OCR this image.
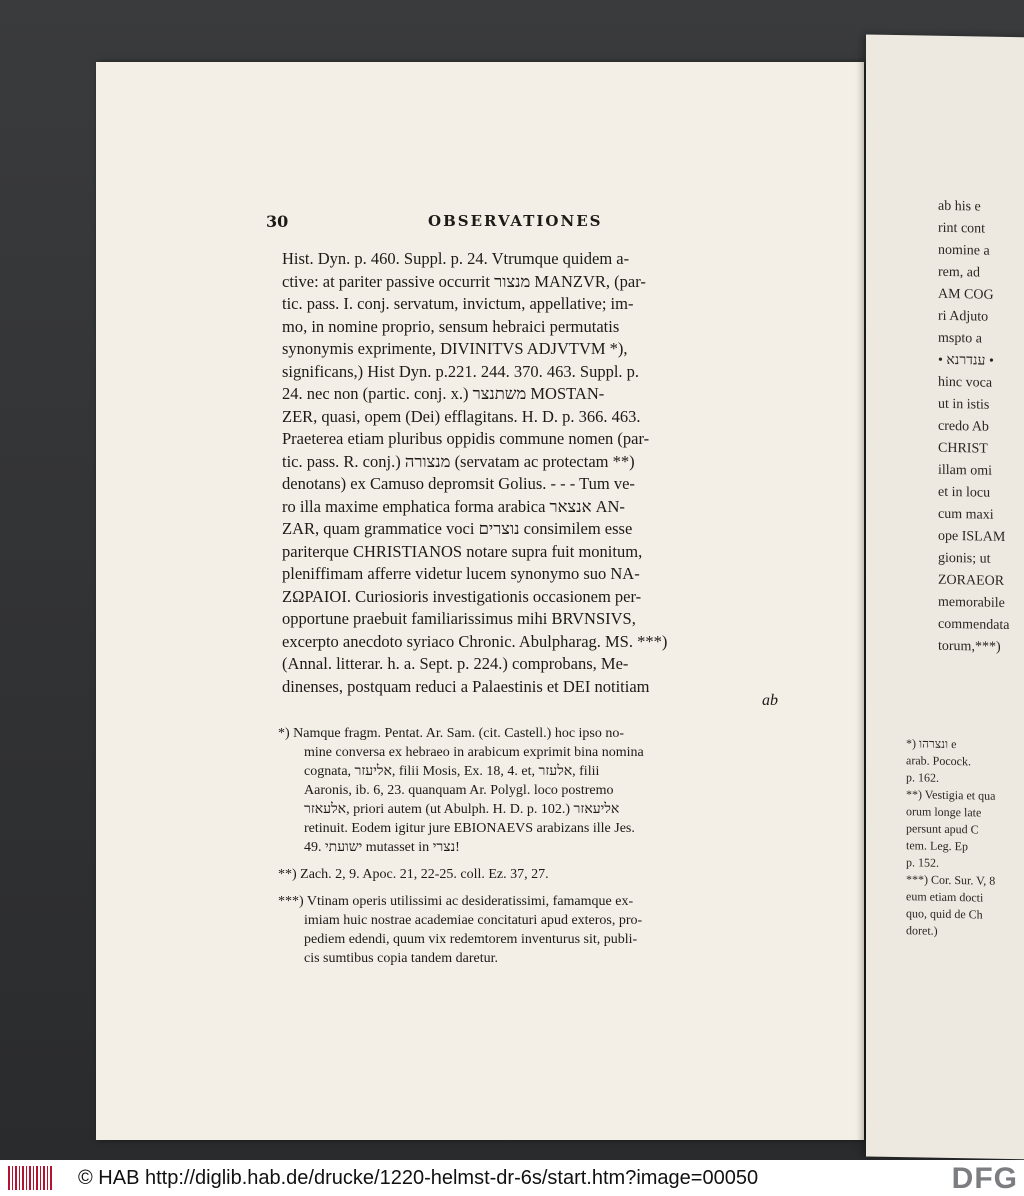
30	OBSERVATIONES
Hist. Dyn. p. 460. Suppl. p. 24. Vtrumque quidem a-
ctive: at pariter passive occurrit מנצור MANZVR, (par-
tic. pass. I. conj. servatum, invictum, appellative; im-
mo, in nomine proprio, sensum hebraici permutatis
synonymis exprimente, DIVINITVS ADJVTVM *),
significans,) Hist Dyn. p.221. 244. 370. 463. Suppl. p.
24. nec non (partic. conj. x.) משתנצר MOSTAN-
ZER, quasi, opem (Dei) efflagitans. H. D. p. 366. 463.
Praeterea etiam pluribus oppidis commune nomen (par-
tic. pass. R. conj.) מנצורה (servatam ac protectam **)
denotans) ex Camuso depromsit Golius. - - - Tum ve-
ro illa maxime emphatica forma arabica אנצאר AN-
ZAR, quam grammatice voci נוצרים consimilem esse
pariterque CHRISTIANOS notare supra fuit monitum,
pleniffimam afferre videtur lucem synonymo suo NA-
ΖΩΡΑΙΟΙ. Curiosioris investigationis occasionem per-
opportune praebuit familiarissimus mihi BRVNSIVS,
excerpto anecdoto syriaco Chronic. Abulpharag. MS. ***)
(Annal. litterar. h. a. Sept. p. 224.) comprobans, Me-
dinenses, postquam reduci a Palaestinis et DEI notitiam
ab
*) Namque fragm. Pentat. Ar. Sam. (cit. Castell.) hoc ipso no-
mine conversa ex hebraeo in arabicum exprimit bina nomina
cognata, אליעזר, filii Mosis, Ex. 18, 4. et, אלעזר, filii
Aaronis, ib. 6, 23. quanquam Ar. Polygl. loco postremo
אלעאזר, priori autem (ut Abulph. H. D. p. 102.) אליעאזר
retinuit. Eodem igitur jure EBIONAEVS arabizans ille Jes.
49. ישועתי mutasset in נצרי!
**) Zach. 2, 9. Apoc. 21, 22-25. coll. Ez. 37, 27.
***) Vtinam operis utilissimi ac desideratissimi, famamque ex-
imiam huic nostrae academiae concitaturi apud exteros, pro-
pediem edendi, quum vix redemtorem inventurus sit, publi-
cis sumtibus copia tandem daretur.
ab his e
rint cont
nomine a
rem, ad
AM COG
ri Adjuto
mspto a
• ענדרנא •
hinc voca
ut in istis
credo Ab
CHRIST
illam omi
et in locu
cum maxi
ope ISLAM
gionis; ut
ZORAEOR
memorabile
commendata
torum,***)
*) ונצרהו e
arab. Pocock.
p. 162.
**) Vestigia et qua
orum longe late
persunt apud C
tem. Leg. Ep
p. 152.
***) Cor. Sur. V, 8
eum etiam docti
quo, quid de Ch
doret.)
© HAB http://diglib.hab.de/drucke/1220-helmst-dr-6s/start.htm?image=00050	DFG
